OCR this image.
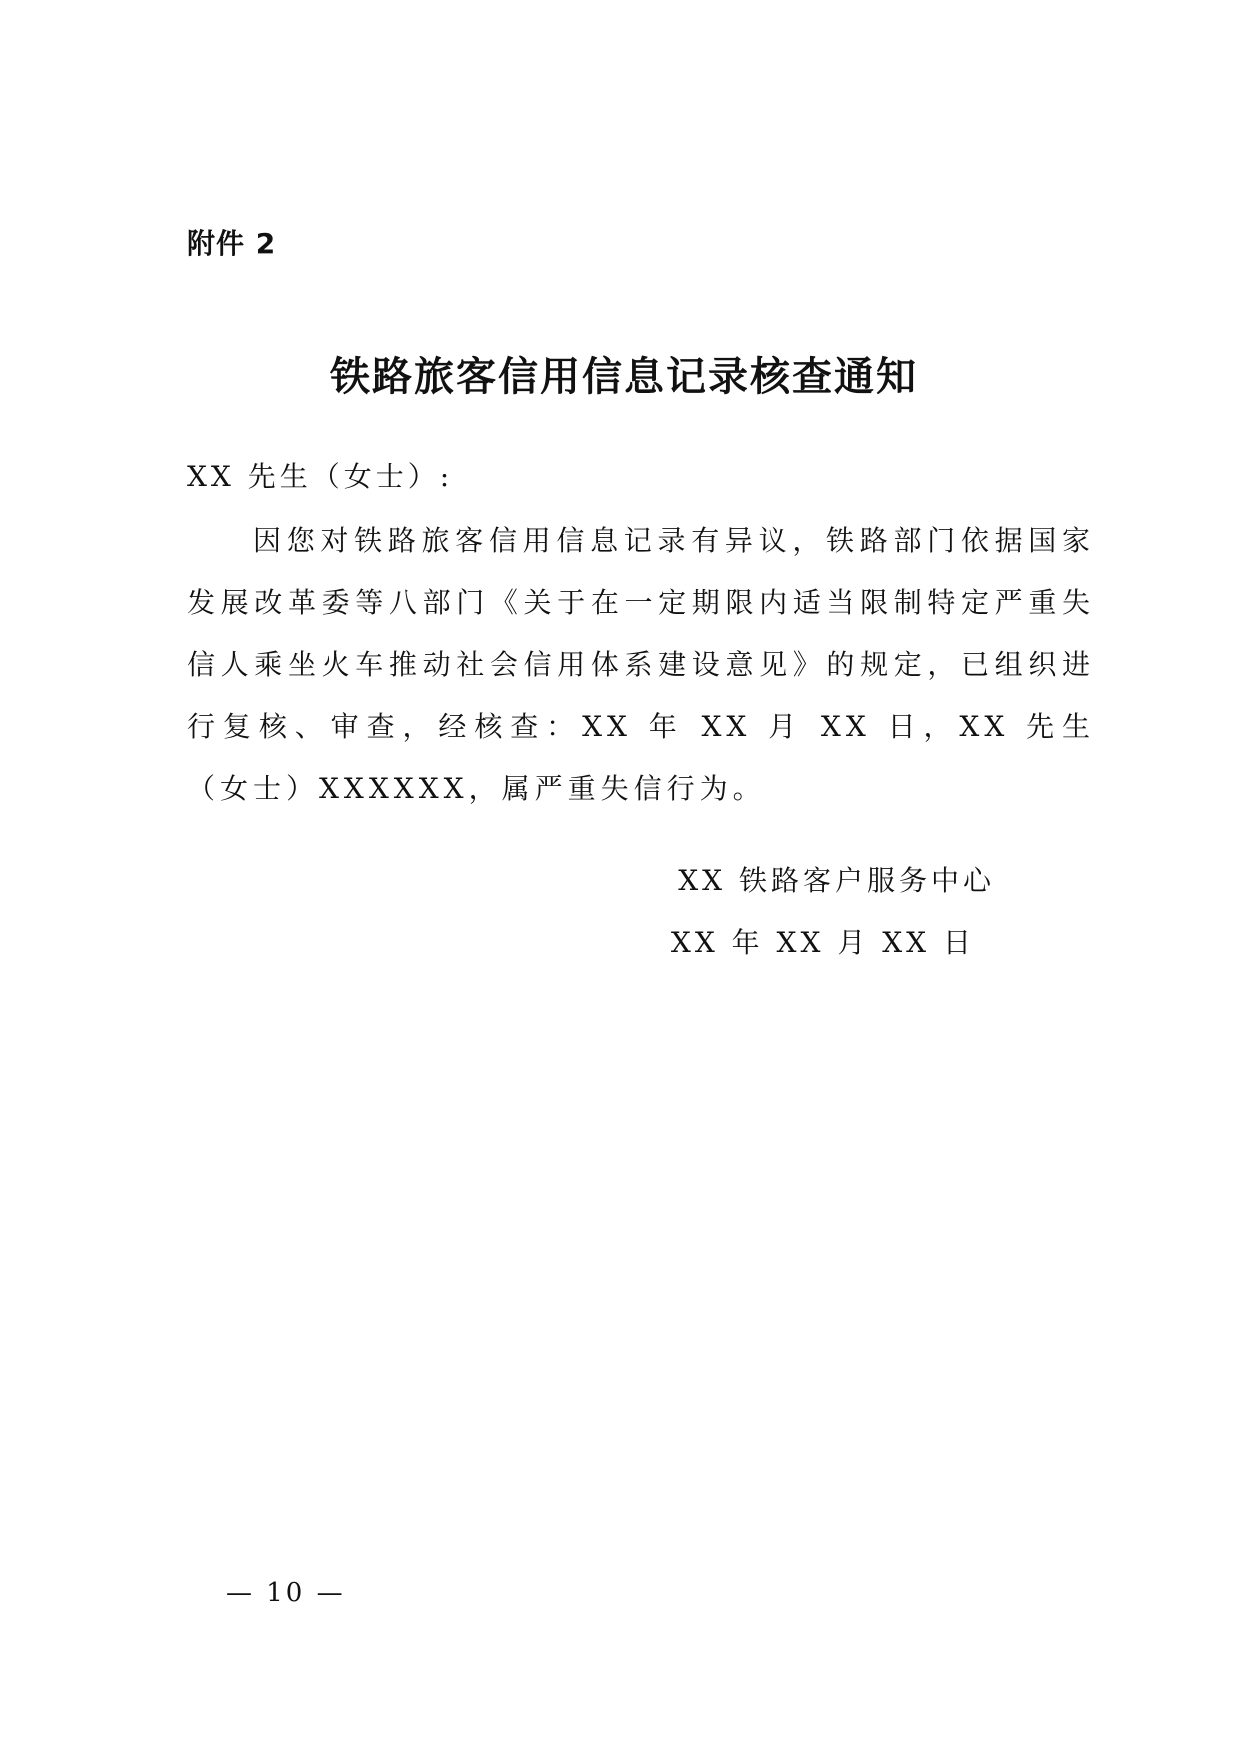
附件 2
铁路旅客信用信息记录核查通知
XX 先生（女士）:
因您对铁路旅客信用信息记录有异议，铁路部门依据国家发展改革委等八部门《关于在一定期限内适当限制特定严重失信人乘坐火车推动社会信用体系建设意见》的规定，已组织进行复核、审查，经核查：XX 年 XX 月 XX 日，XX 先生（女士）XXXXXX，属严重失信行为。
XX 铁路客户服务中心
XX 年 XX 月 XX 日
— 10 —
